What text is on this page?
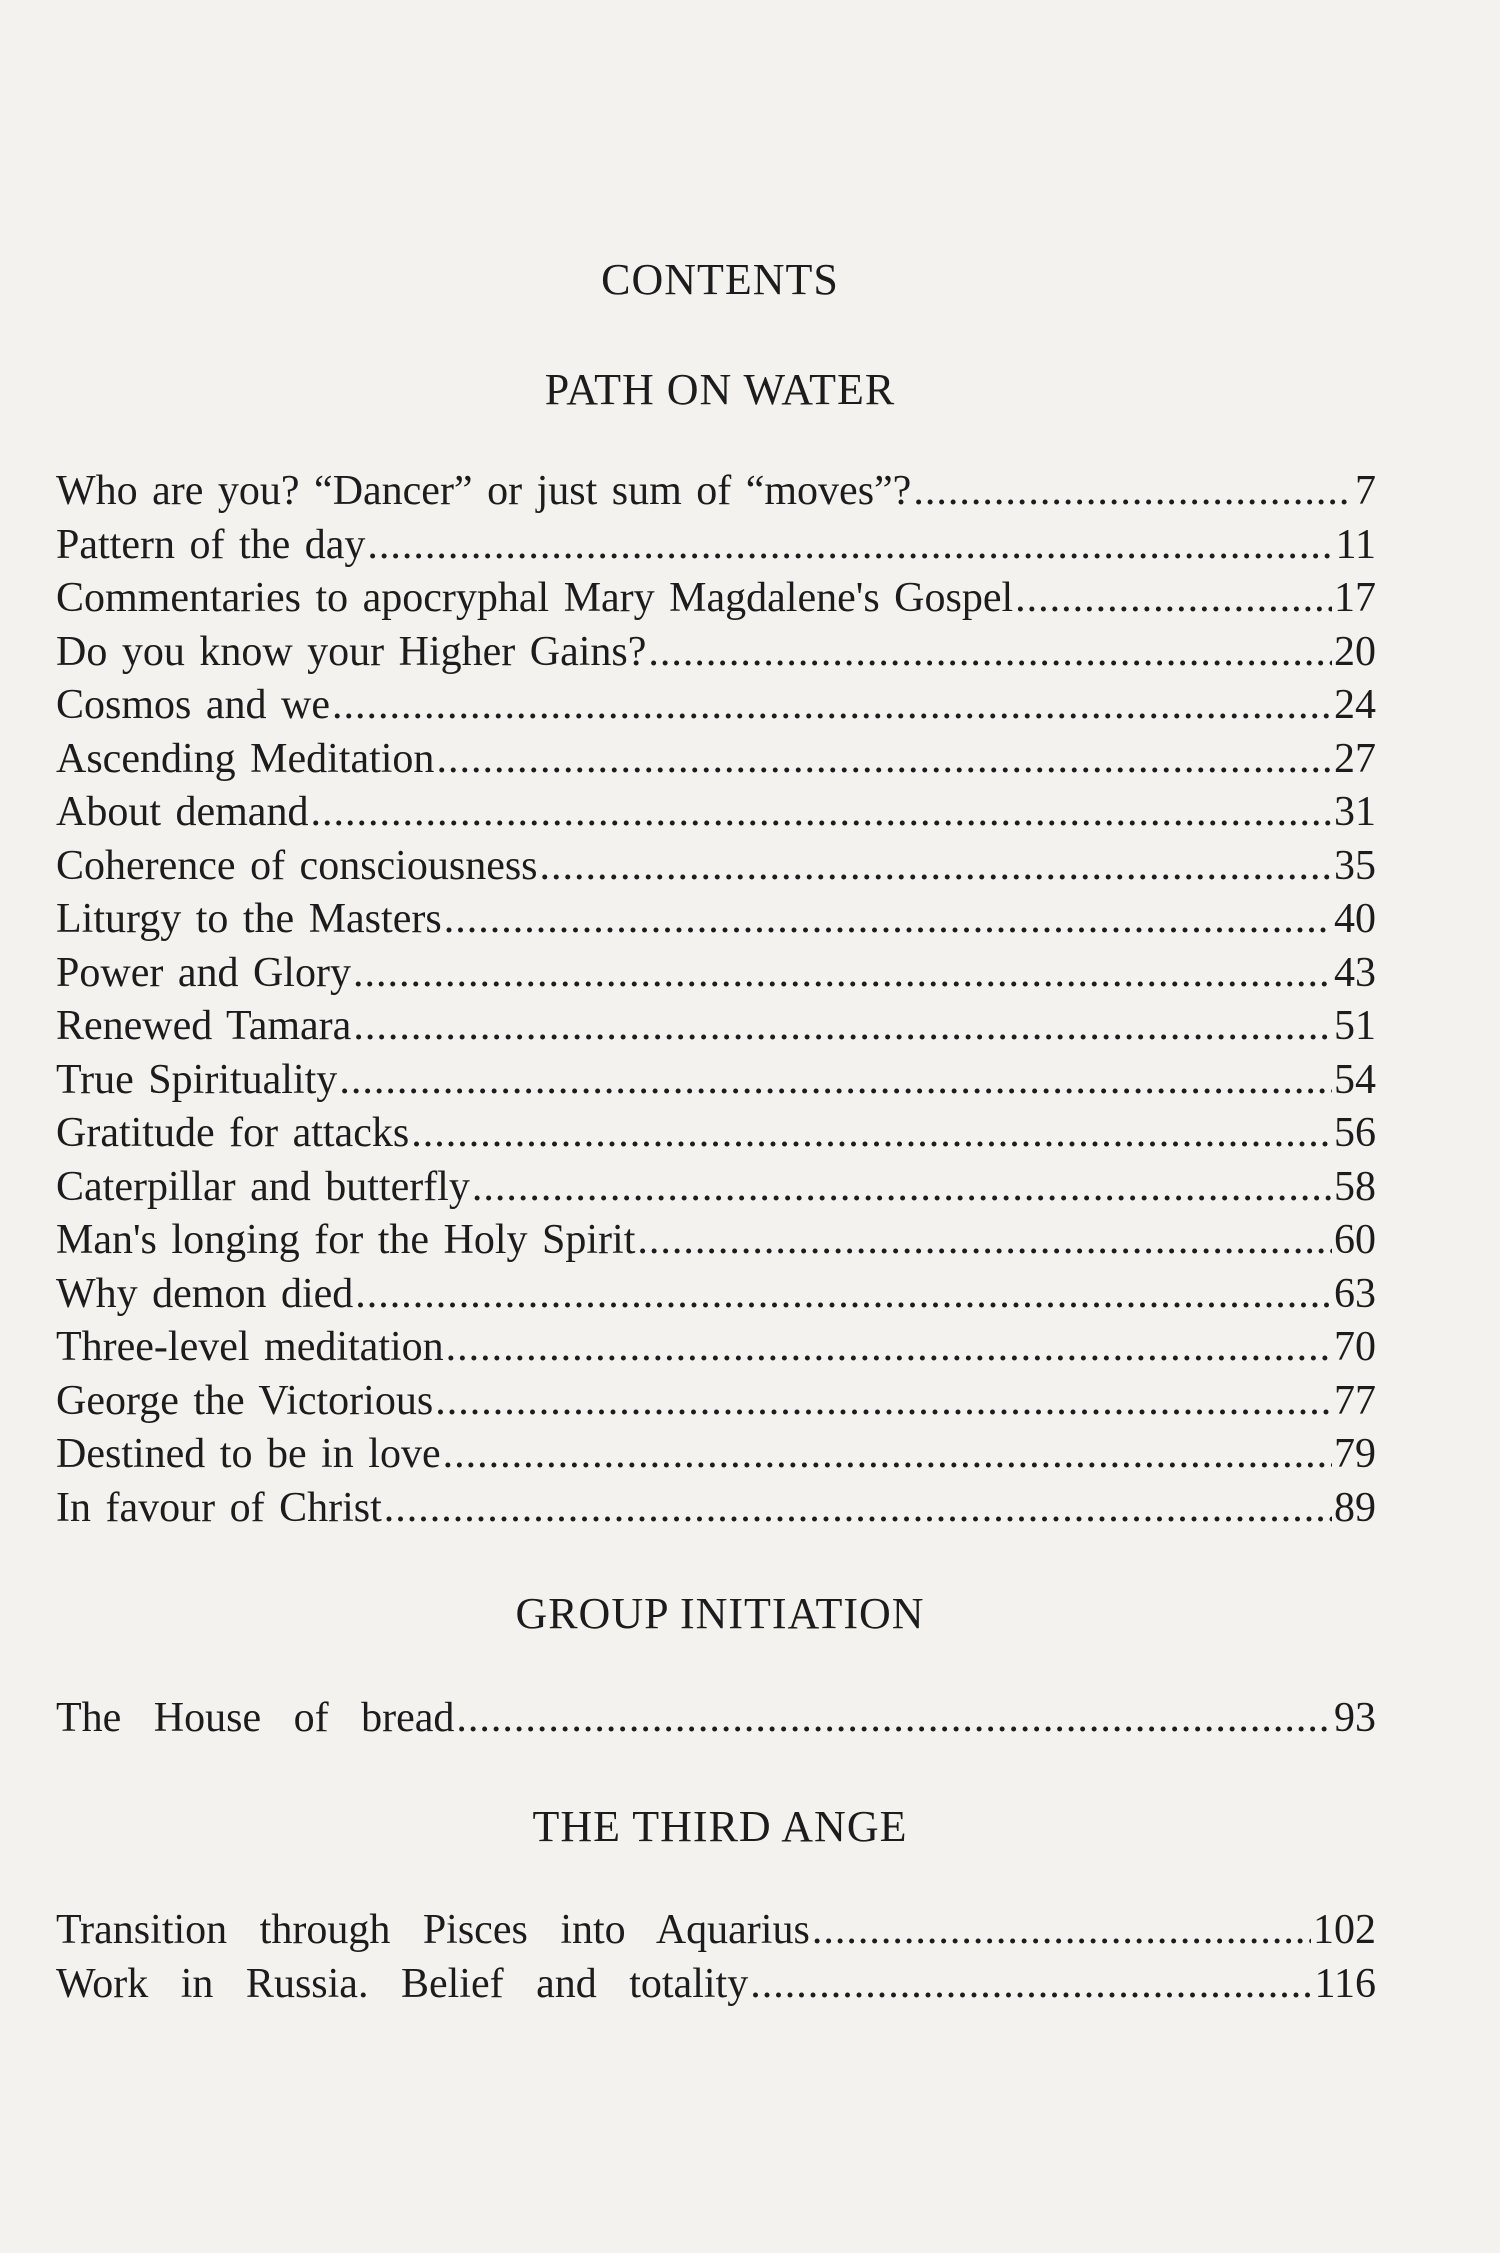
CONTENTS
PATH ON WATER
Who are you? “Dancer” or just sum of “moves”? .....	7
Pattern of the day .....	11
Commentaries to apocryphal Mary Magdalene's Gospel .....	17
Do you know your Higher Gains? .....	20
Cosmos and we .....	24
Ascending Meditation .....	27
About demand .....	31
Coherence of consciousness .....	35
Liturgy to the Masters .....	40
Power and Glory .....	43
Renewed Tamara .....	51
True Spirituality .....	54
Gratitude for attacks .....	56
Caterpillar and butterfly .....	58
Man's longing for the Holy Spirit .....	60
Why demon died .....	63
Three-level meditation .....	70
George the Victorious .....	77
Destined to be in love .....	79
In favour of Christ .....	89
GROUP INITIATION
The House of bread .....	93
THE THIRD ANGE
Transition through Pisces into Aquarius .....	102
Work in Russia. Belief and totality .....	116
